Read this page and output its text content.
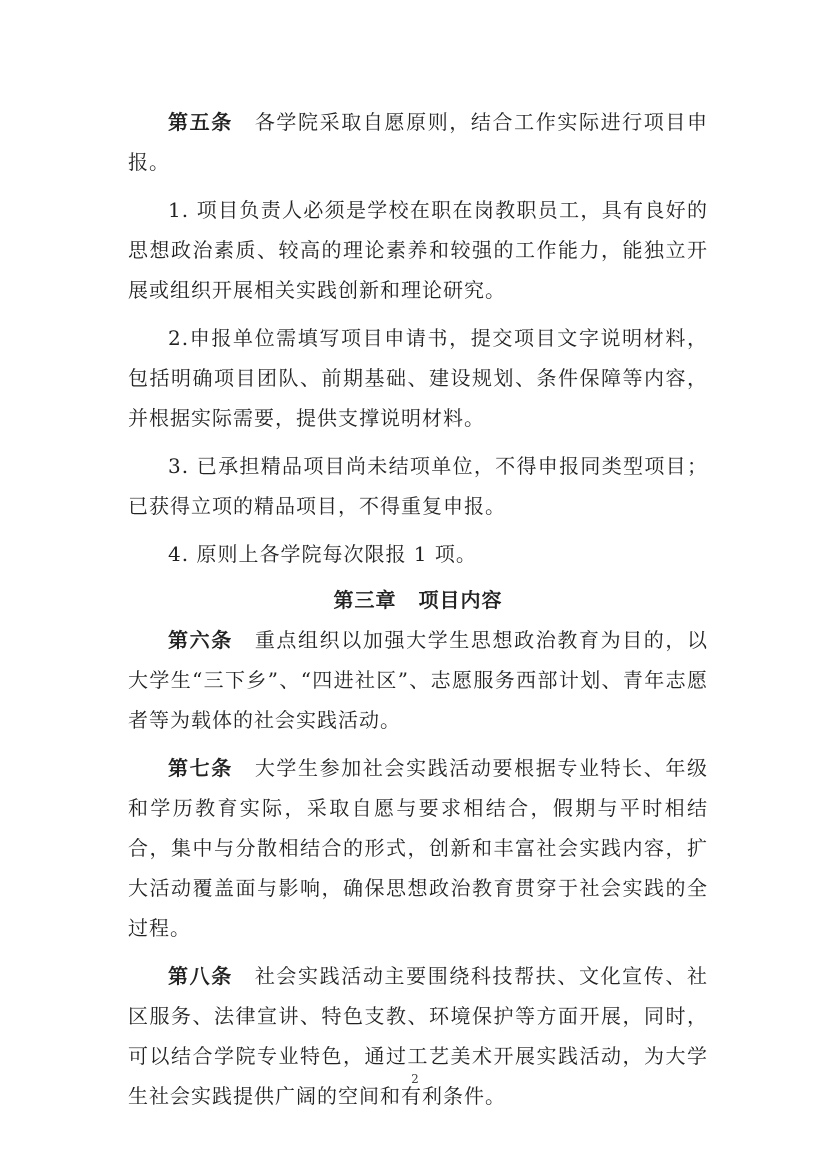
第五条 各学院采取自愿原则，结合工作实际进行项目申报。

1. 项目负责人必须是学校在职在岗教职员工，具有良好的思想政治素质、较高的理论素养和较强的工作能力，能独立开展或组织开展相关实践创新和理论研究。

2.申报单位需填写项目申请书，提交项目文字说明材料，包括明确项目团队、前期基础、建设规划、条件保障等内容，并根据实际需要，提供支撑说明材料。

3. 已承担精品项目尚未结项单位，不得申报同类型项目；已获得立项的精品项目，不得重复申报。

4. 原则上各学院每次限报 1 项。

第三章 项目内容

第六条 重点组织以加强大学生思想政治教育为目的，以大学生“三下乡”、“四进社区”、志愿服务西部计划、青年志愿者等为载体的社会实践活动。

第七条 大学生参加社会实践活动要根据专业特长、年级和学历教育实际，采取自愿与要求相结合，假期与平时相结合，集中与分散相结合的形式，创新和丰富社会实践内容，扩大活动覆盖面与影响，确保思想政治教育贯穿于社会实践的全过程。

第八条 社会实践活动主要围绕科技帮扶、文化宣传、社区服务、法律宣讲、特色支教、环境保护等方面开展，同时，可以结合学院专业特色，通过工艺美术开展实践活动，为大学生社会实践提供广阔的空间和有利条件。

2
